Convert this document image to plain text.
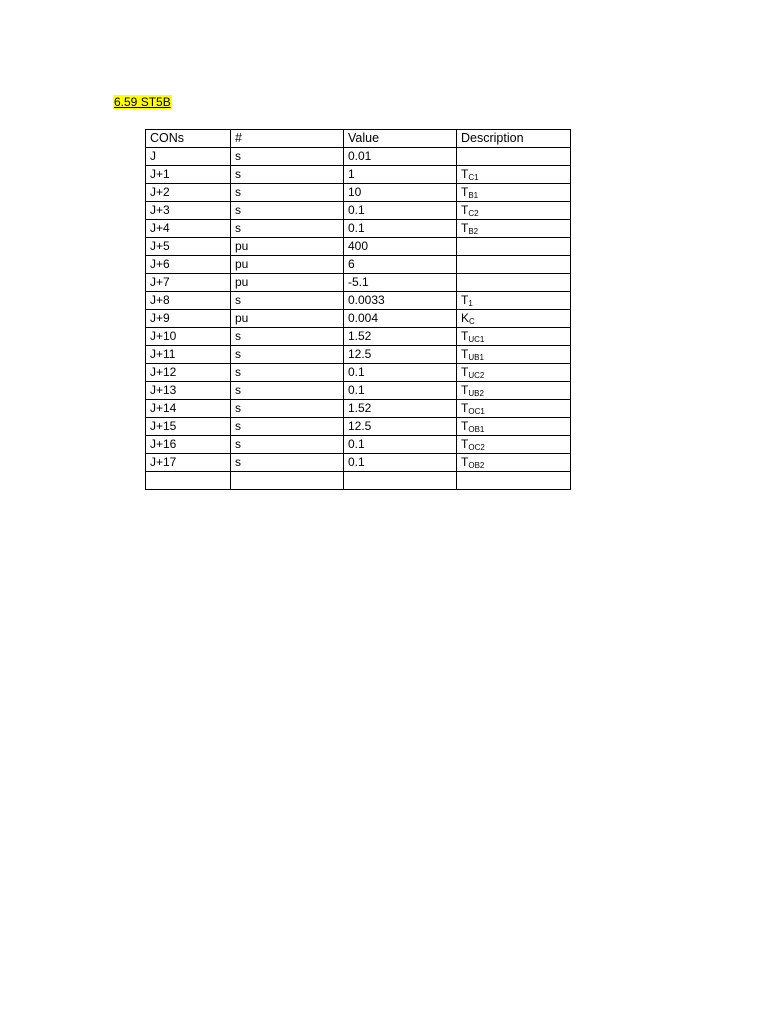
6.59 ST5B
CONs	#	Value	Description
J	s	0.01	
J+1	s	1	$T_{C1}$
J+2	s	10	$T_{B1}$
J+3	s	0.1	$T_{C2}$
J+4	s	0.1	$T_{B2}$
J+5	pu	400	
J+6	pu	6	
J+7	pu	-5.1	
J+8	s	0.0033	$T_1$
J+9	pu	0.004	$K_C$
J+10	s	1.52	$T_{UC1}$
J+11	s	12.5	$T_{UB1}$
J+12	s	0.1	$T_{UC2}$
J+13	s	0.1	$T_{UB2}$
J+14	s	1.52	$T_{OC1}$
J+15	s	12.5	$T_{OB1}$
J+16	s	0.1	$T_{OC2}$
J+17	s	0.1	$T_{OB2}$
